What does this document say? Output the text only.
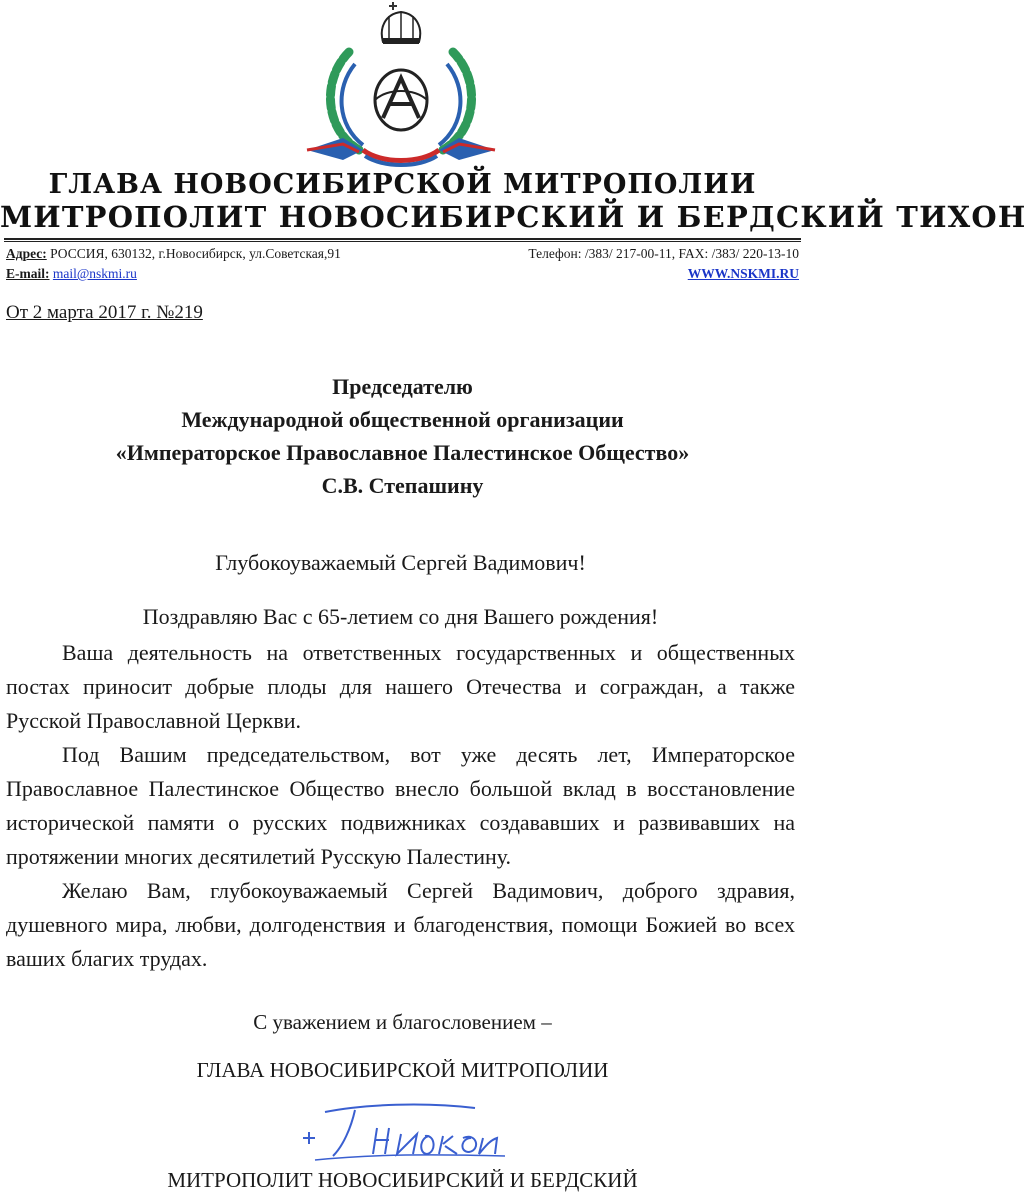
ГЛАВА НОВОСИБИРСКОЙ МИТРОПОЛИИ
МИТРОПОЛИТ НОВОСИБИРСКИЙ И БЕРДСКИЙ ТИХОН
Адрес: РОССИЯ, 630132, г.Новосибирск, ул.Советская,91	Телефон: /383/ 217-00-11, FAX: /383/ 220-13-10
E-mail: mail@nskmi.ru	WWW.NSKMI.RU
От 2 марта 2017 г. №219
Председателю
Международной общественной организации
«Императорское Православное Палестинское Общество»
С.В. Степашину
Глубокоуважаемый Сергей Вадимович!
Поздравляю Вас с 65-летием со дня Вашего рождения!

Ваша деятельность на ответственных государственных и общественных постах приносит добрые плоды для нашего Отечества и сограждан, а также Русской Православной Церкви.

Под Вашим председательством, вот уже десять лет, Императорское Православное Палестинское Общество внесло большой вклад в восстановление исторической памяти о русских подвижниках создававших и развивавших на протяжении многих десятилетий Русскую Палестину.

Желаю Вам, глубокоуважаемый Сергей Вадимович, доброго здравия, душевного мира, любви, долгоденствия и благоденствия, помощи Божией во всех ваших благих трудах.

С уважением и благословением –
ГЛАВА НОВОСИБИРСКОЙ МИТРОПОЛИИ
МИТРОПОЛИТ НОВОСИБИРСКИЙ И БЕРДСКИЙ
